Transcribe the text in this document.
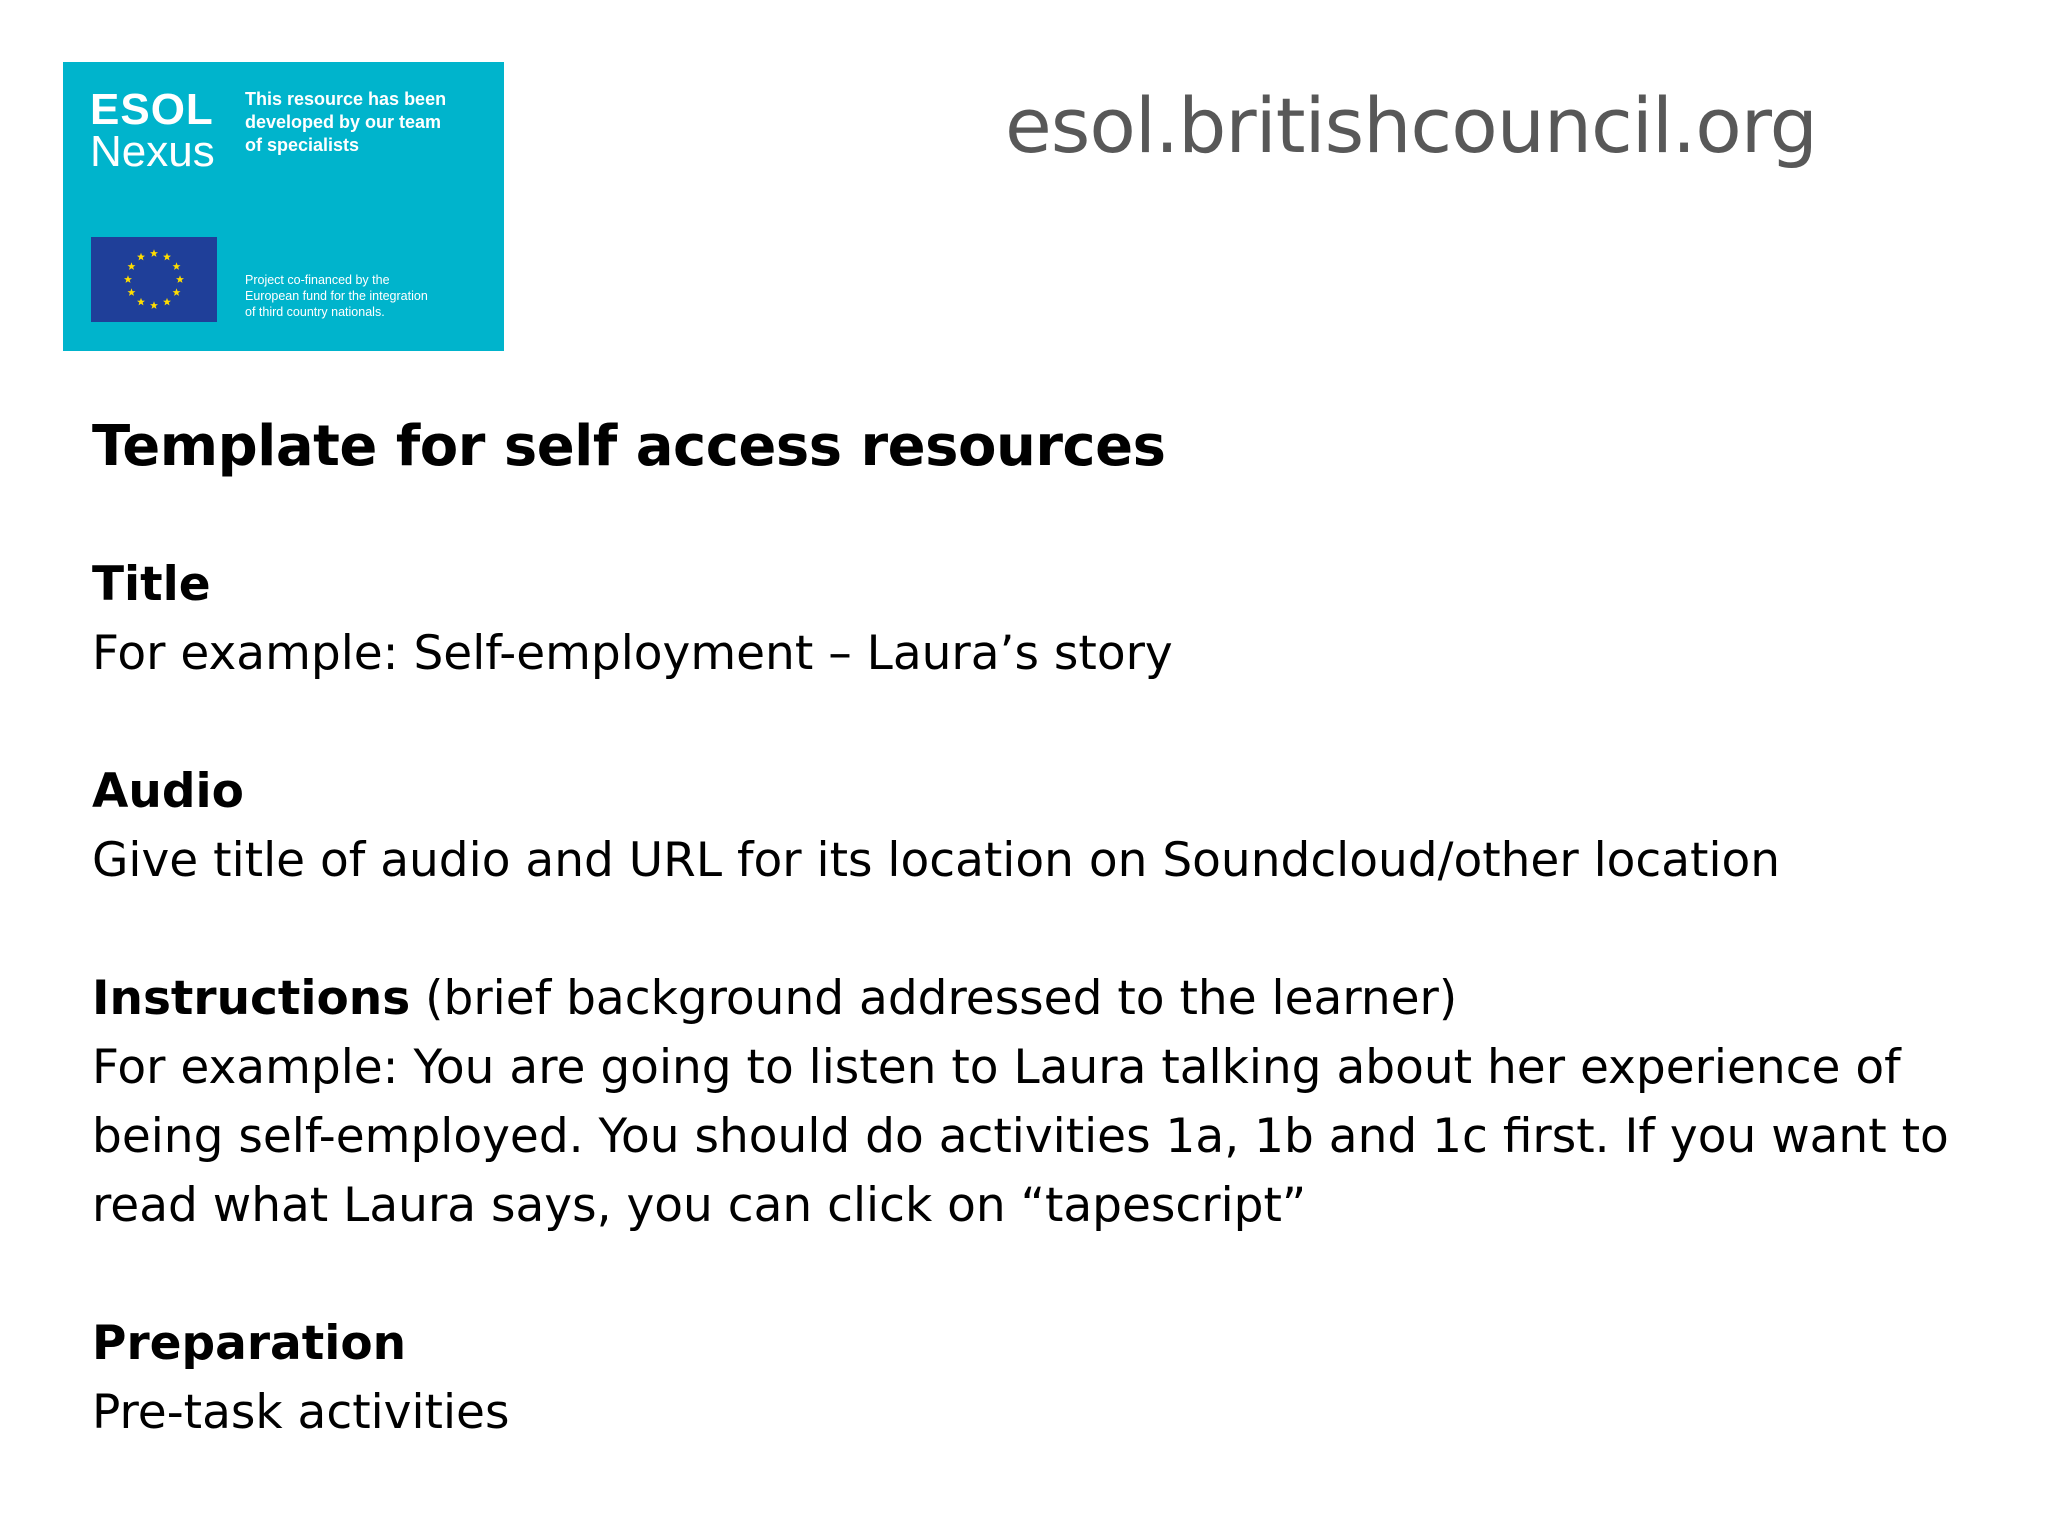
ESOL
Nexus
This resource has been
developed by our team
of specialists
Project co-financed by the
European fund for the integration
of third country nationals.
esol.britishcouncil.org
Template for self access resources
Title
For example: Self-employment – Laura’s story
Audio
Give title of audio and URL for its location on Soundcloud/other location
Instructions (brief background addressed to the learner)
For example: You are going to listen to Laura talking about her experience of
being self-employed. You should do activities 1a, 1b and 1c first. If you want to
read what Laura says, you can click on “tapescript”
Preparation
Pre-task activities
